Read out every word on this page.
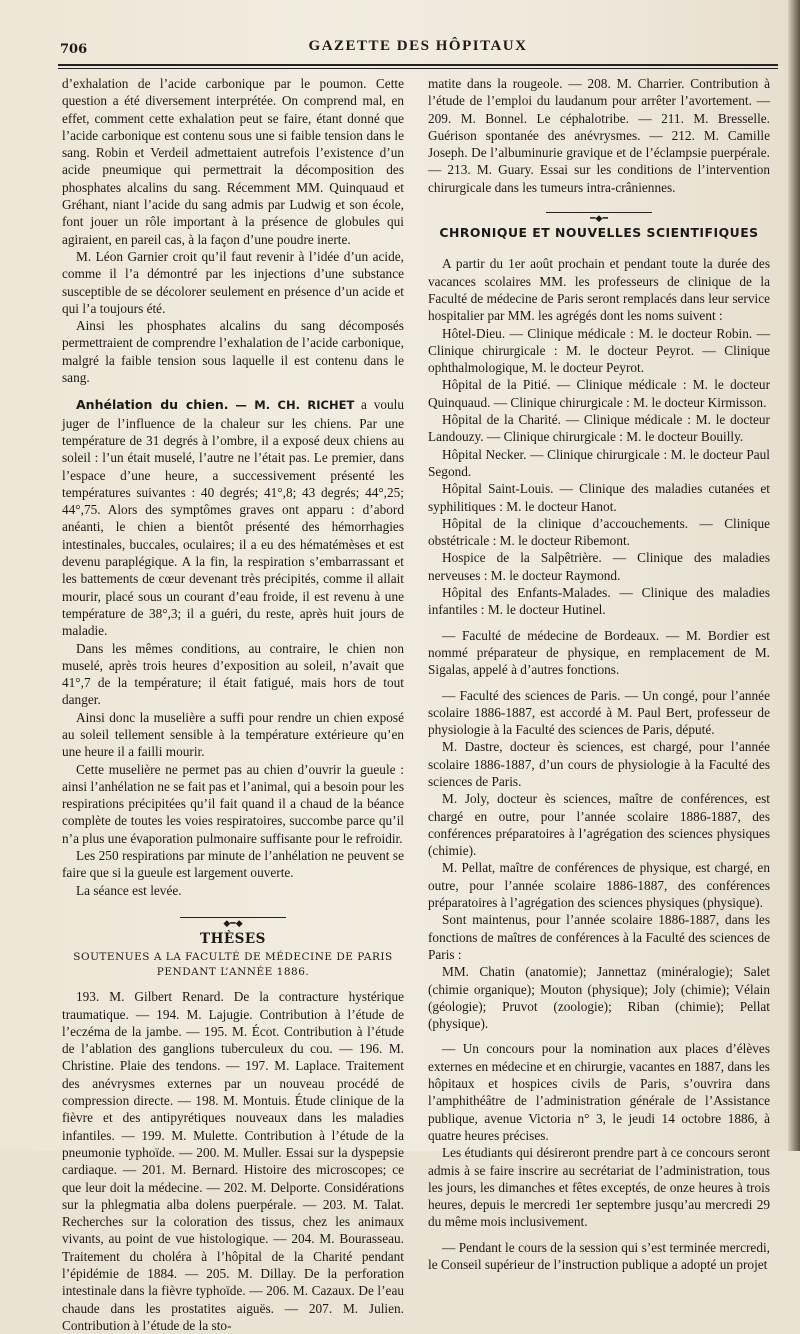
706	GAZETTE DES HÔPITAUX

d’exhalation de l’acide carbonique par le poumon. Cette question a été diversement interprétée. On comprend mal, en effet, comment cette exhalation peut se faire, étant donné que l’acide carbonique est contenu sous une si faible tension dans le sang. Robin et Verdeil admettaient autrefois l’existence d’un acide pneumique qui permettrait la décomposition des phosphates alcalins du sang. Récemment MM. Quinquaud et Gréhant, niant l’acide du sang admis par Ludwig et son école, font jouer un rôle important à la présence de globules qui agiraient, en pareil cas, à la façon d’une poudre inerte.

M. Léon Garnier croit qu’il faut revenir à l’idée d’un acide, comme il l’a démontré par les injections d’une substance susceptible de se décolorer seulement en présence d’un acide et qui l’a toujours été.

Ainsi les phosphates alcalins du sang décomposés permettraient de comprendre l’exhalation de l’acide carbonique, malgré la faible tension sous laquelle il est contenu dans le sang.

Anhélation du chien. — M. CH. RICHET a voulu juger de l’influence de la chaleur sur les chiens. Par une température de 31 degrés à l’ombre, il a exposé deux chiens au soleil : l’un était muselé, l’autre ne l’était pas. Le premier, dans l’espace d’une heure, a successivement présenté les températures suivantes : 40 degrés; 41°,8; 43 degrés; 44°,25; 44°,75. Alors des symptômes graves ont apparu : d’abord anéanti, le chien a bientôt présenté des hémorrhagies intestinales, buccales, oculaires; il a eu des hématémèses et est devenu paraplégique. A la fin, la respiration s’embarrassant et les battements de cœur devenant très précipités, comme il allait mourir, placé sous un courant d’eau froide, il est revenu à une température de 38°,3; il a guéri, du reste, après huit jours de maladie.

Dans les mêmes conditions, au contraire, le chien non muselé, après trois heures d’exposition au soleil, n’avait que 41°,7 de la température; il était fatigué, mais hors de tout danger.

Ainsi donc la muselière a suffi pour rendre un chien exposé au soleil tellement sensible à la température extérieure qu’en une heure il a failli mourir.

Cette muselière ne permet pas au chien d’ouvrir la gueule : ainsi l’anhélation ne se fait pas et l’animal, qui a besoin pour les respirations précipitées qu’il fait quand il a chaud de la béance complète de toutes les voies respiratoires, succombe parce qu’il n’a plus une évaporation pulmonaire suffisante pour le refroidir.

Les 250 respirations par minute de l’anhélation ne peuvent se faire que si la gueule est largement ouverte.

La séance est levée.

◆━◆
THÈSES
SOUTENUES A LA FACULTÉ DE MÉDECINE DE PARIS
PENDANT L’ANNÉE 1886.

193. M. Gilbert Renard. De la contracture hystérique traumatique. — 194. M. Lajugie. Contribution à l’étude de l’eczéma de la jambe. — 195. M. Écot. Contribution à l’étude de l’ablation des ganglions tuberculeux du cou. — 196. M. Christine. Plaie des tendons. — 197. M. Laplace. Traitement des anévrysmes externes par un nouveau procédé de compression directe. — 198. M. Montuis. Étude clinique de la fièvre et des antipyrétiques nouveaux dans les maladies infantiles. — 199. M. Mulette. Contribution à l’étude de la pneumonie typhoïde. — 200. M. Muller. Essai sur la dyspepsie cardiaque. — 201. M. Bernard. Histoire des microscopes; ce que leur doit la médecine. — 202. M. Delporte. Considérations sur la phlegmatia alba dolens puerpérale. — 203. M. Talat. Recherches sur la coloration des tissus, chez les animaux vivants, au point de vue histologique. — 204. M. Bourasseau. Traitement du choléra à l’hôpital de la Charité pendant l’épidémie de 1884. — 205. M. Dillay. De la perforation intestinale dans la fièvre typhoïde. — 206. M. Cazaux. De l’eau chaude dans les prostatites aiguës. — 207. M. Julien. Contribution à l’étude de la sto-

matite dans la rougeole. — 208. M. Charrier. Contribution à l’étude de l’emploi du laudanum pour arrêter l’avortement. — 209. M. Bonnel. Le céphalotribe. — 211. M. Bresselle. Guérison spontanée des anévrysmes. — 212. M. Camille Joseph. De l’albuminurie gravique et de l’éclampsie puerpérale. — 213. M. Guary. Essai sur les conditions de l’intervention chirurgicale dans les tumeurs intra-crâniennes.

━◆━
CHRONIQUE ET NOUVELLES SCIENTIFIQUES

A partir du 1er août prochain et pendant toute la durée des vacances scolaires MM. les professeurs de clinique de la Faculté de médecine de Paris seront remplacés dans leur service hospitalier par MM. les agrégés dont les noms suivent :

Hôtel-Dieu. — Clinique médicale : M. le docteur Robin. — Clinique chirurgicale : M. le docteur Peyrot. — Clinique ophthalmologique, M. le docteur Peyrot.

Hôpital de la Pitié. — Clinique médicale : M. le docteur Quinquaud. — Clinique chirurgicale : M. le docteur Kirmisson.

Hôpital de la Charité. — Clinique médicale : M. le docteur Landouzy. — Clinique chirurgicale : M. le docteur Bouilly.

Hôpital Necker. — Clinique chirurgicale : M. le docteur Paul Segond.

Hôpital Saint-Louis. — Clinique des maladies cutanées et syphilitiques : M. le docteur Hanot.

Hôpital de la clinique d’accouchements. — Clinique obstétricale : M. le docteur Ribemont.

Hospice de la Salpêtrière. — Clinique des maladies nerveuses : M. le docteur Raymond.

Hôpital des Enfants-Malades. — Clinique des maladies infantiles : M. le docteur Hutinel.

— Faculté de médecine de Bordeaux. — M. Bordier est nommé préparateur de physique, en remplacement de M. Sigalas, appelé à d’autres fonctions.

— Faculté des sciences de Paris. — Un congé, pour l’année scolaire 1886-1887, est accordé à M. Paul Bert, professeur de physiologie à la Faculté des sciences de Paris, député.

M. Dastre, docteur ès sciences, est chargé, pour l’année scolaire 1886-1887, d’un cours de physiologie à la Faculté des sciences de Paris.

M. Joly, docteur ès sciences, maître de conférences, est chargé en outre, pour l’année scolaire 1886-1887, des conférences préparatoires à l’agrégation des sciences physiques (chimie).

M. Pellat, maître de conférences de physique, est chargé, en outre, pour l’année scolaire 1886-1887, des conférences préparatoires à l’agrégation des sciences physiques (physique).

Sont maintenus, pour l’année scolaire 1886-1887, dans les fonctions de maîtres de conférences à la Faculté des sciences de Paris :

MM. Chatin (anatomie); Jannettaz (minéralogie); Salet (chimie organique); Mouton (physique); Joly (chimie); Vélain (géologie); Pruvot (zoologie); Riban (chimie); Pellat (physique).

— Un concours pour la nomination aux places d’élèves externes en médecine et en chirurgie, vacantes en 1887, dans les hôpitaux et hospices civils de Paris, s’ouvrira dans l’amphithéâtre de l’administration générale de l’Assistance publique, avenue Victoria n° 3, le jeudi 14 octobre 1886, à quatre heures précises.

Les étudiants qui désireront prendre part à ce concours seront admis à se faire inscrire au secrétariat de l’administration, tous les jours, les dimanches et fêtes exceptés, de onze heures à trois heures, depuis le mercredi 1er septembre jusqu’au mercredi 29 du même mois inclusivement.

— Pendant le cours de la session qui s’est terminée mercredi, le Conseil supérieur de l’instruction publique a adopté un projet
